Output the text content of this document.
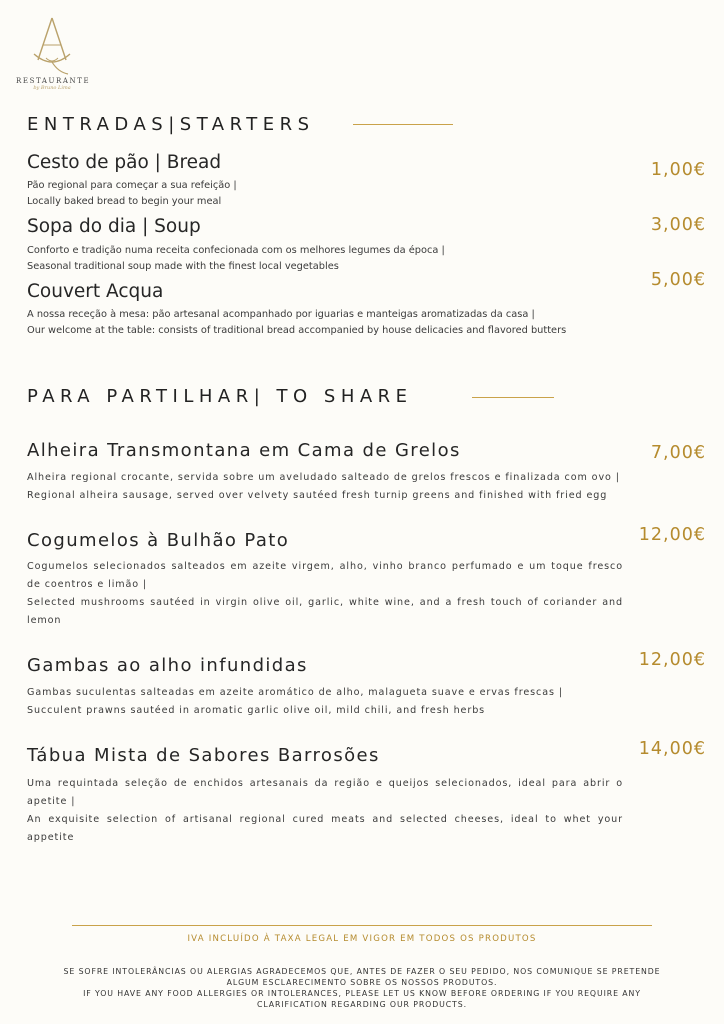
RESTAURANTE
by Bruno Lima
ENTRADAS|STARTERS
Cesto de pão | Bread
Pão regional para começar a sua refeição |
Locally baked bread to begin your meal
1,00€
Sopa do dia | Soup
Conforto e tradição numa receita confecionada com os melhores legumes da época |
Seasonal traditional soup made with the finest local vegetables
3,00€
Couvert Acqua
A nossa receção à mesa: pão artesanal acompanhado por iguarias e manteigas aromatizadas da casa |
Our welcome at the table: consists of traditional bread accompanied by house delicacies and flavored butters
5,00€
PARA PARTILHAR| TO SHARE
Alheira Transmontana em Cama de Grelos
Alheira regional crocante, servida sobre um aveludado salteado de grelos frescos e finalizada com ovo |
Regional alheira sausage, served over velvety sautéed fresh turnip greens and finished with fried egg
7,00€
Cogumelos à Bulhão Pato
Cogumelos selecionados salteados em azeite virgem, alho, vinho branco perfumado e um toque fresco de coentros e limão |
Selected mushrooms sautéed in virgin olive oil, garlic, white wine, and a fresh touch of coriander and lemon
12,00€
Gambas ao alho infundidas
Gambas suculentas salteadas em azeite aromático de alho, malagueta suave e ervas frescas |
Succulent prawns sautéed in aromatic garlic olive oil, mild chili, and fresh herbs
12,00€
Tábua Mista de Sabores Barrosões
Uma requintada seleção de enchidos artesanais da região e queijos selecionados, ideal para abrir o apetite |
An exquisite selection of artisanal regional cured meats and selected cheeses, ideal to whet your appetite
14,00€
IVA INCLUÍDO À TAXA LEGAL EM VIGOR EM TODOS OS PRODUTOS
SE SOFRE INTOLERÂNCIAS OU ALERGIAS AGRADECEMOS QUE, ANTES DE FAZER O SEU PEDIDO, NOS COMUNIQUE SE PRETENDE
ALGUM ESCLARECIMENTO SOBRE OS NOSSOS PRODUTOS.
IF YOU HAVE ANY FOOD ALLERGIES OR INTOLERANCES, PLEASE LET US KNOW BEFORE ORDERING IF YOU REQUIRE ANY
CLARIFICATION REGARDING OUR PRODUCTS.
